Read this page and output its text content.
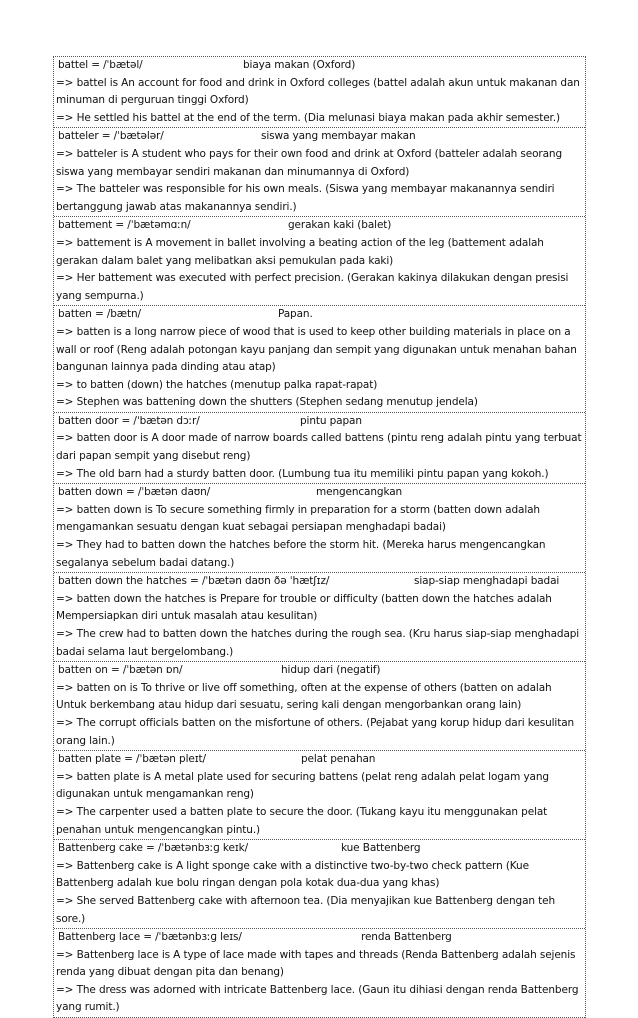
battel = /ˈbætəl/	biaya makan (Oxford)
=> battel is An account for food and drink in Oxford colleges (battel adalah akun untuk makanan dan minuman di perguruan tinggi Oxford)
=> He settled his battel at the end of the term. (Dia melunasi biaya makan pada akhir semester.)
batteler = /ˈbætələr/	siswa yang membayar makan
=> batteler is A student who pays for their own food and drink at Oxford (batteler adalah seorang siswa yang membayar sendiri makanan dan minumannya di Oxford)
=> The batteler was responsible for his own meals. (Siswa yang membayar makanannya sendiri bertanggung jawab atas makanannya sendiri.)
battement = /ˈbætəmɑːn/	gerakan kaki (balet)
=> battement is A movement in ballet involving a beating action of the leg (battement adalah gerakan dalam balet yang melibatkan aksi pemukulan pada kaki)
=> Her battement was executed with perfect precision. (Gerakan kakinya dilakukan dengan presisi yang sempurna.)
batten = /bætn/	Papan.
=> batten is a long narrow piece of wood that is used to keep other building materials in place on a wall or roof (Reng adalah potongan kayu panjang dan sempit yang digunakan untuk menahan bahan bangunan lainnya pada dinding atau atap)
=> to batten (down) the hatches (menutup palka rapat-rapat)
=> Stephen was battening down the shutters (Stephen sedang menutup jendela)
batten door = /ˈbætən dɔːr/	pintu papan
=> batten door is A door made of narrow boards called battens (pintu reng adalah pintu yang terbuat dari papan sempit yang disebut reng)
=> The old barn had a sturdy batten door. (Lumbung tua itu memiliki pintu papan yang kokoh.)
batten down = /ˈbætən daʊn/	mengencangkan
=> batten down is To secure something firmly in preparation for a storm (batten down adalah mengamankan sesuatu dengan kuat sebagai persiapan menghadapi badai)
=> They had to batten down the hatches before the storm hit. (Mereka harus mengencangkan segalanya sebelum badai datang.)
batten down the hatches = /ˈbætən daʊn ðə ˈhætʃɪz/	siap-siap menghadapi badai
=> batten down the hatches is Prepare for trouble or difficulty (batten down the hatches adalah Mempersiapkan diri untuk masalah atau kesulitan)
=> The crew had to batten down the hatches during the rough sea. (Kru harus siap-siap menghadapi badai selama laut bergelombang.)
batten on = /ˈbætən ɒn/	hidup dari (negatif)
=> batten on is To thrive or live off something, often at the expense of others (batten on adalah Untuk berkembang atau hidup dari sesuatu, sering kali dengan mengorbankan orang lain)
=> The corrupt officials batten on the misfortune of others. (Pejabat yang korup hidup dari kesulitan orang lain.)
batten plate = /ˈbætən pleɪt/	pelat penahan
=> batten plate is A metal plate used for securing battens (pelat reng adalah pelat logam yang digunakan untuk mengamankan reng)
=> The carpenter used a batten plate to secure the door. (Tukang kayu itu menggunakan pelat penahan untuk mengencangkan pintu.)
Battenberg cake = /ˈbætənbɜːɡ keɪk/	kue Battenberg
=> Battenberg cake is A light sponge cake with a distinctive two-by-two check pattern (Kue Battenberg adalah kue bolu ringan dengan pola kotak dua-dua yang khas)
=> She served Battenberg cake with afternoon tea. (Dia menyajikan kue Battenberg dengan teh sore.)
Battenberg lace = /ˈbætənbɜːɡ leɪs/	renda Battenberg
=> Battenberg lace is A type of lace made with tapes and threads (Renda Battenberg adalah sejenis renda yang dibuat dengan pita dan benang)
=> The dress was adorned with intricate Battenberg lace. (Gaun itu dihiasi dengan renda Battenberg yang rumit.)
